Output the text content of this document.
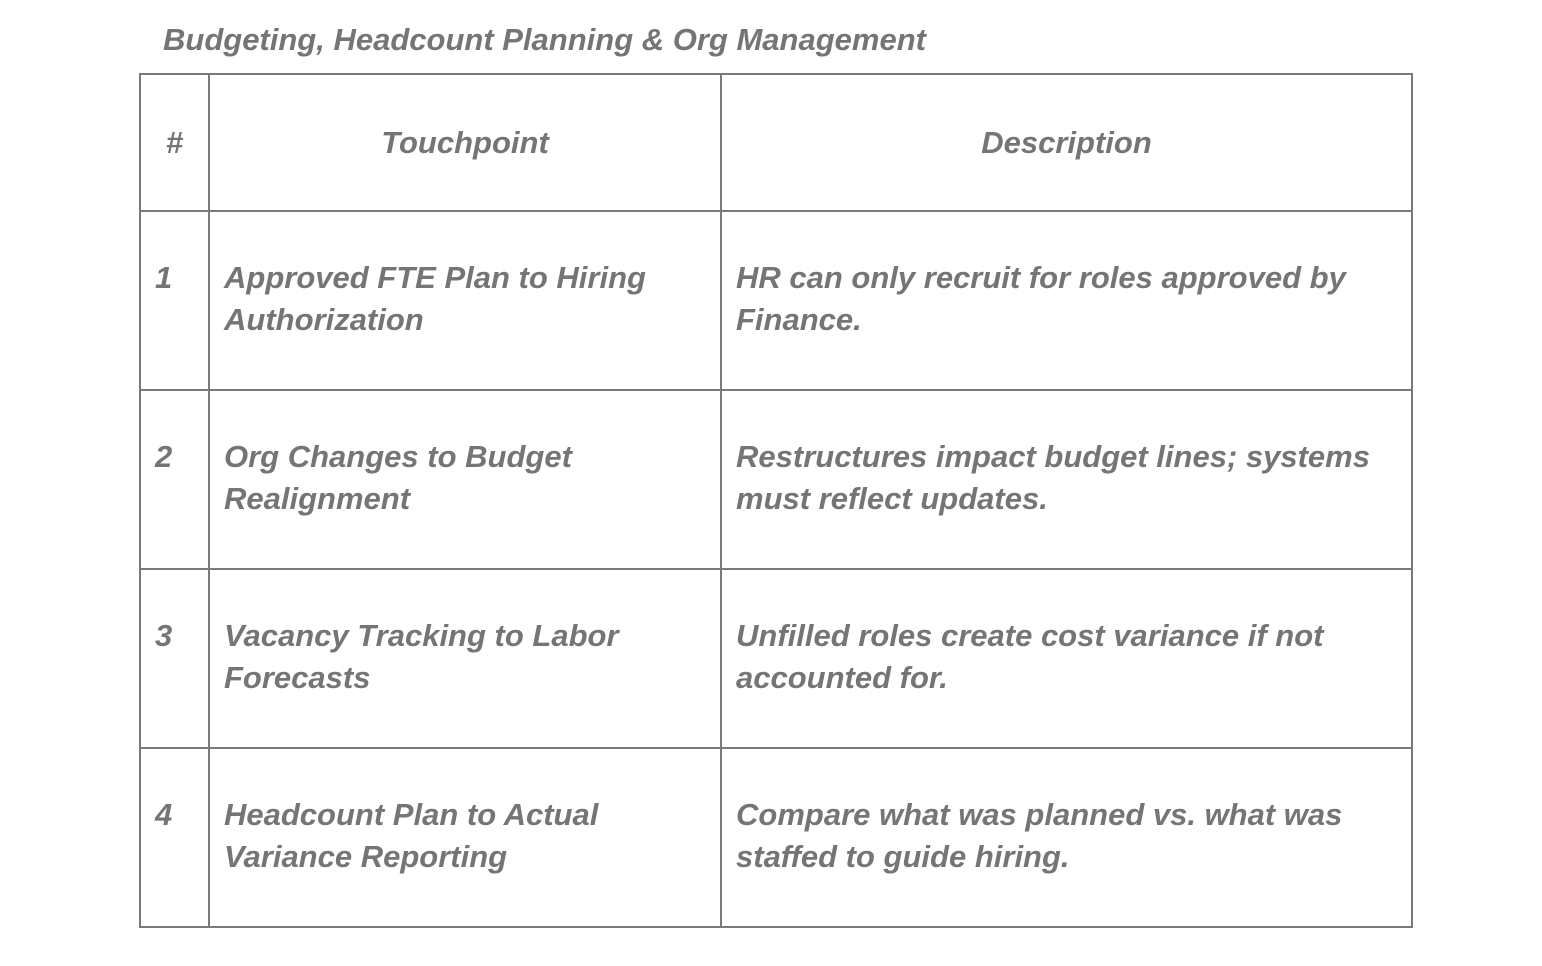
Budgeting, Headcount Planning & Org Management
#	Touchpoint	Description
1	Approved FTE Plan to Hiring Authorization	HR can only recruit for roles approved by Finance.
2	Org Changes to Budget Realignment	Restructures impact budget lines; systems must reflect updates.
3	Vacancy Tracking to Labor Forecasts	Unfilled roles create cost variance if not accounted for.
4	Headcount Plan to Actual Variance Reporting	Compare what was planned vs. what was staffed to guide hiring.
